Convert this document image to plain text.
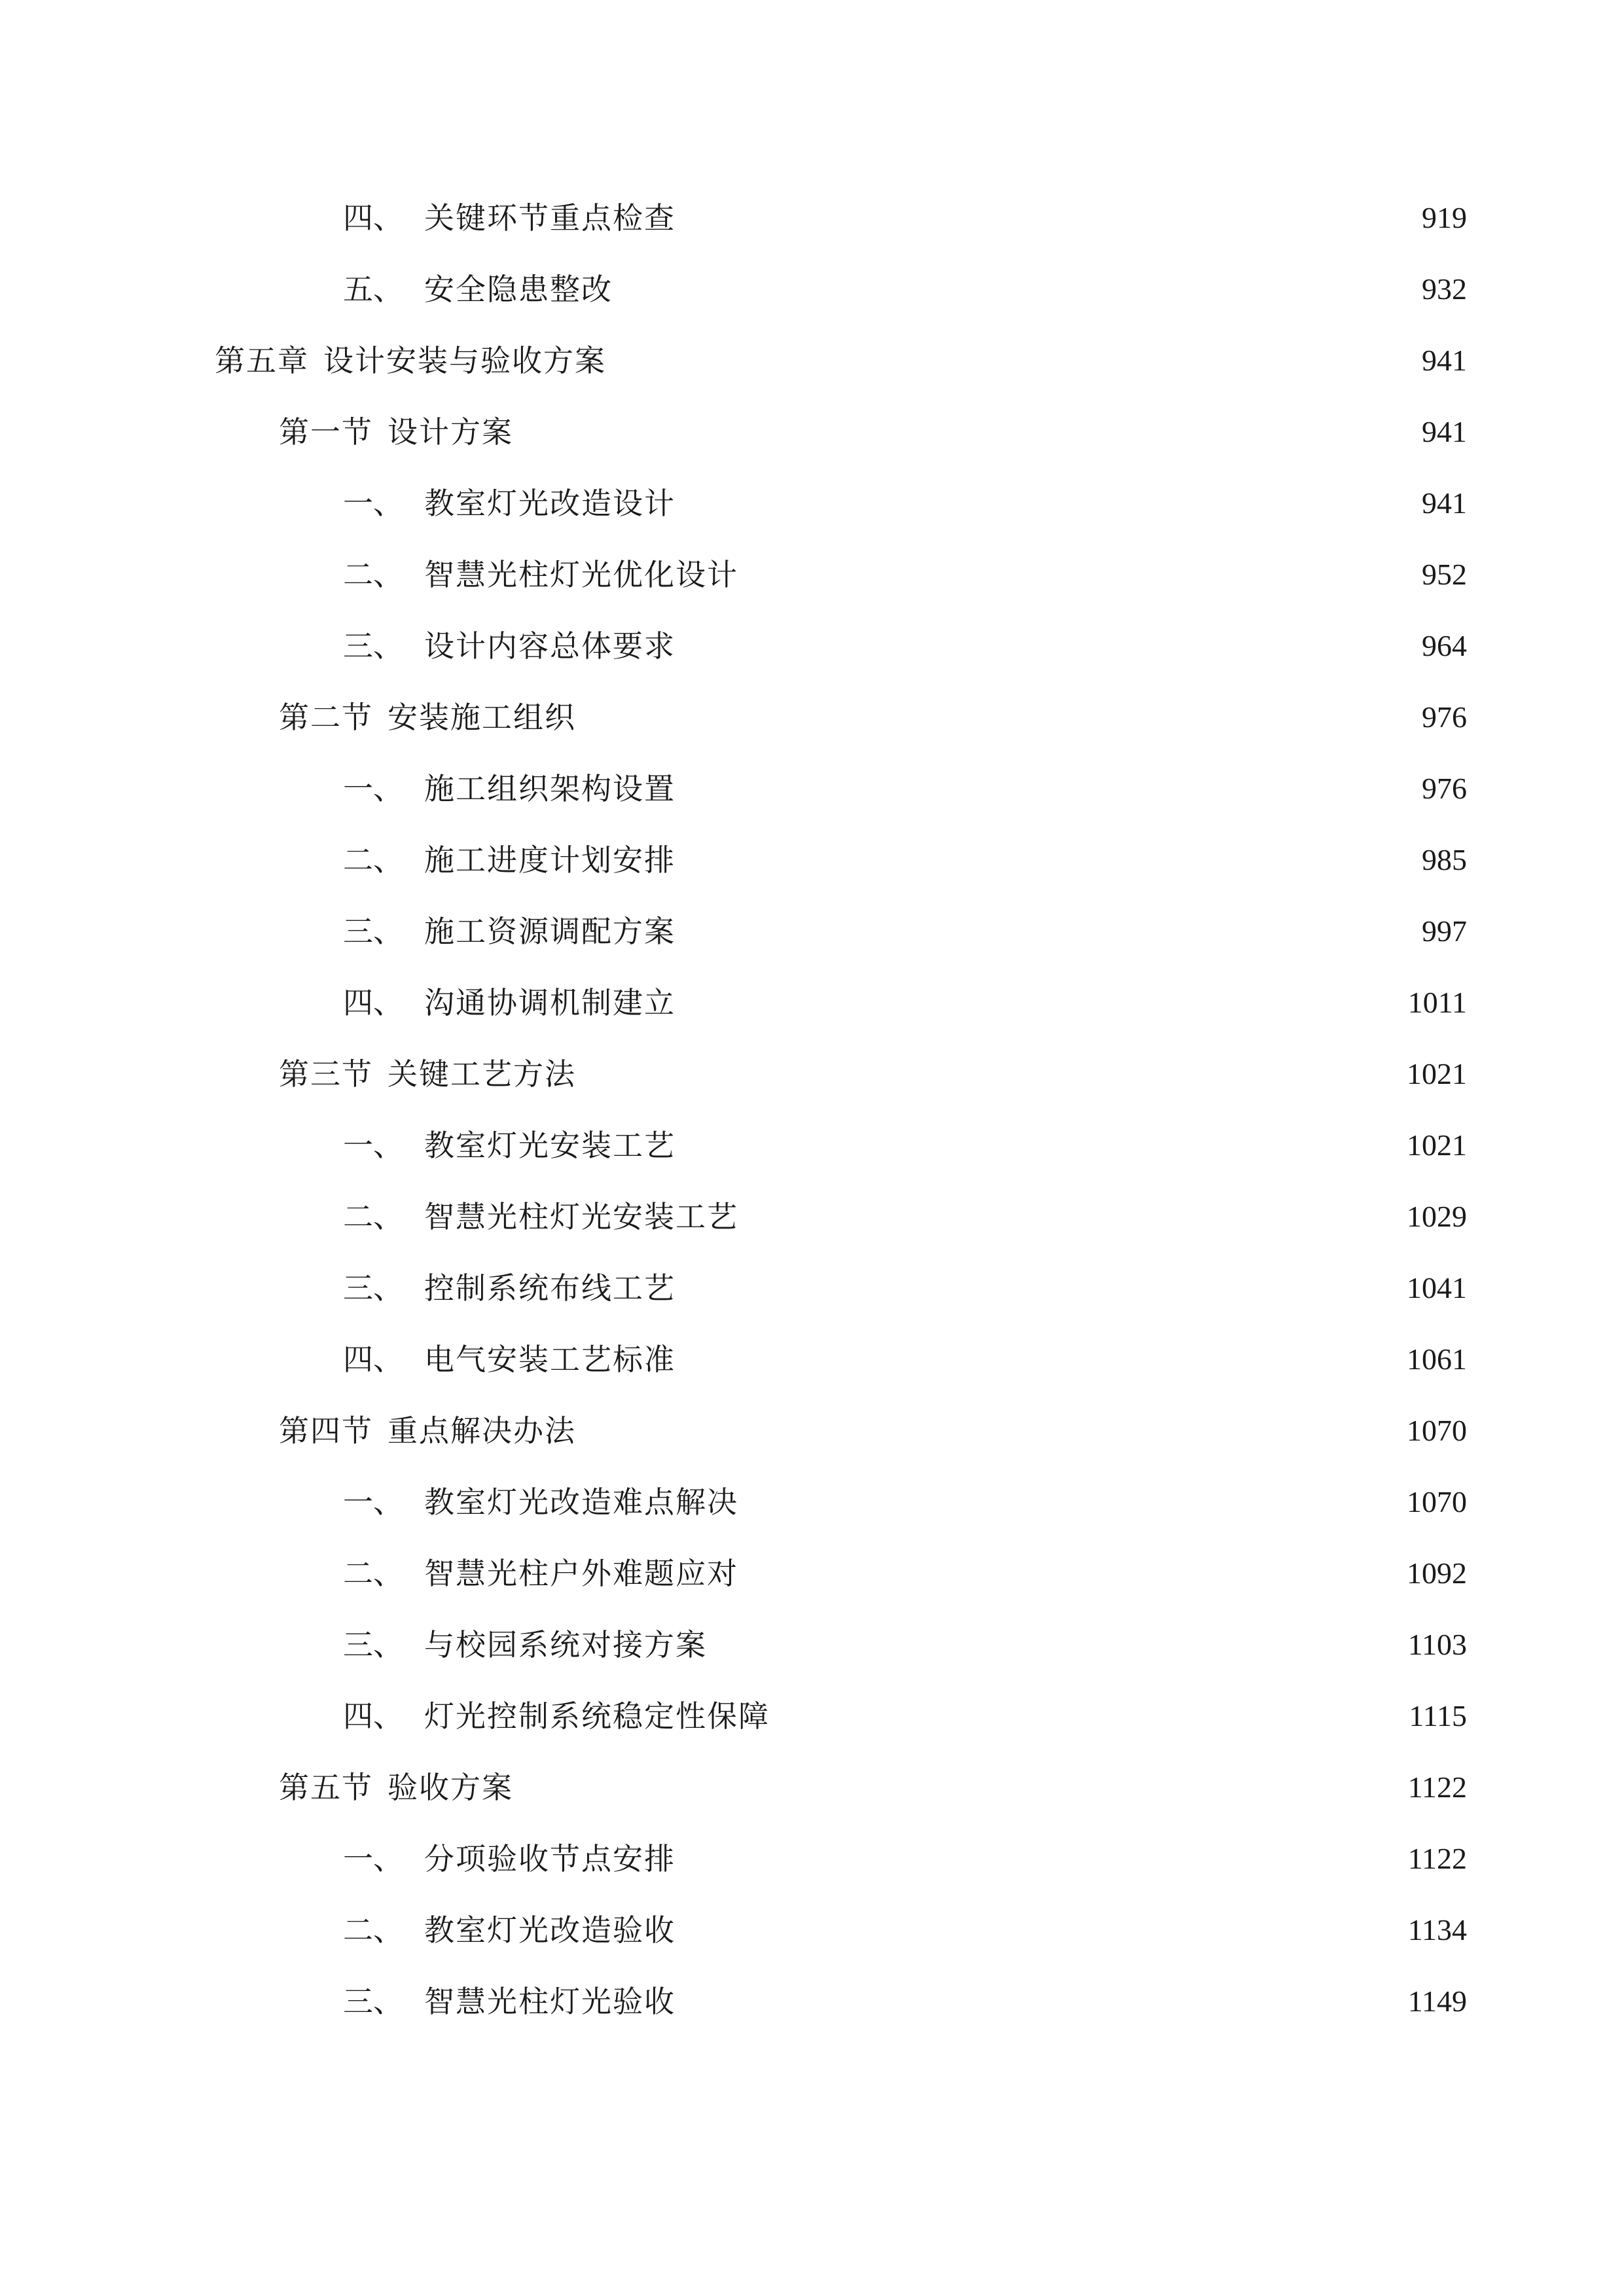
四、 关键环节重点检查	919
五、 安全隐患整改	932
第五章 设计安装与验收方案	941
第一节 设计方案	941
一、 教室灯光改造设计	941
二、 智慧光柱灯光优化设计	952
三、 设计内容总体要求	964
第二节 安装施工组织	976
一、 施工组织架构设置	976
二、 施工进度计划安排	985
三、 施工资源调配方案	997
四、 沟通协调机制建立	1011
第三节 关键工艺方法	1021
一、 教室灯光安装工艺	1021
二、 智慧光柱灯光安装工艺	1029
三、 控制系统布线工艺	1041
四、 电气安装工艺标准	1061
第四节 重点解决办法	1070
一、 教室灯光改造难点解决	1070
二、 智慧光柱户外难题应对	1092
三、 与校园系统对接方案	1103
四、 灯光控制系统稳定性保障	1115
第五节 验收方案	1122
一、 分项验收节点安排	1122
二、 教室灯光改造验收	1134
三、 智慧光柱灯光验收	1149
